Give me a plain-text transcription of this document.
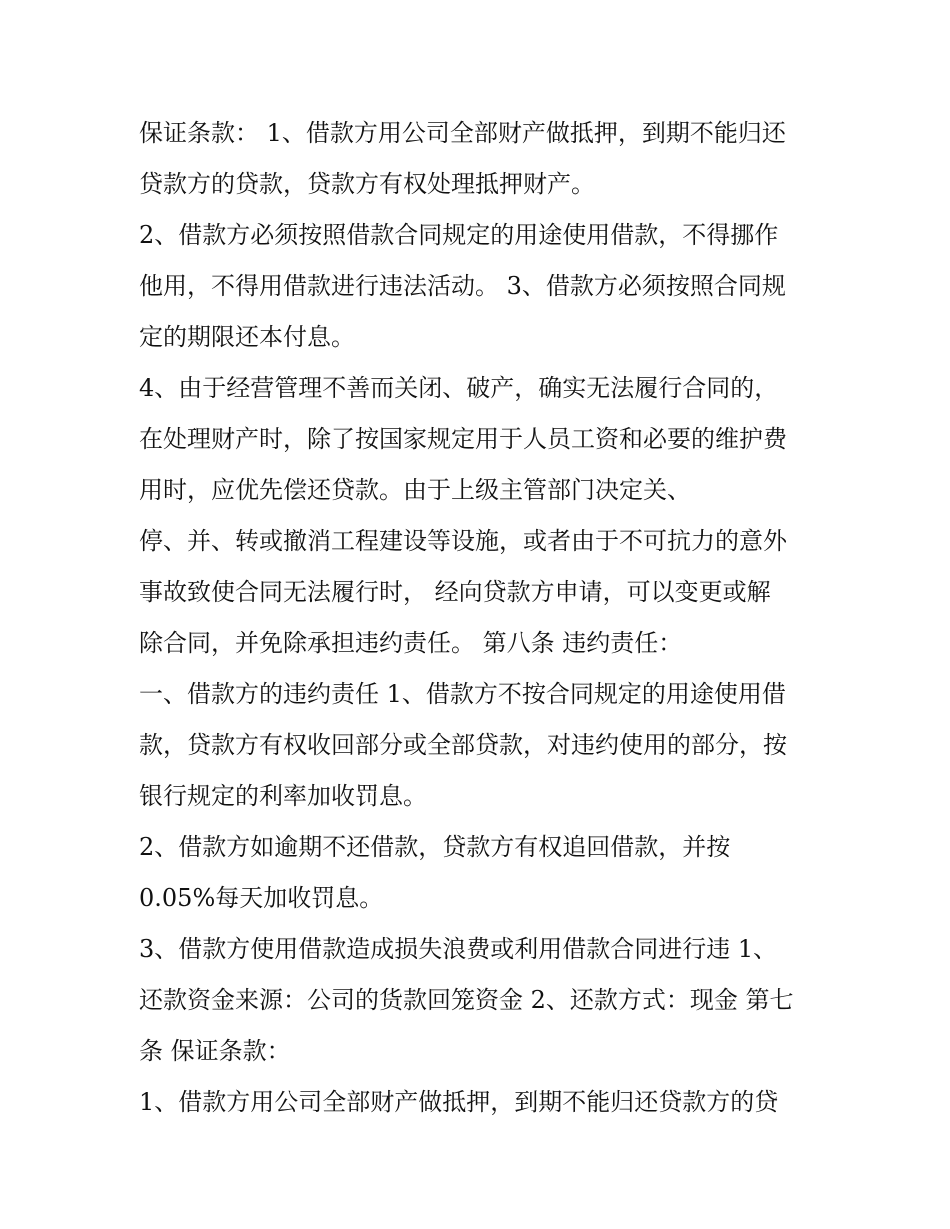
保证条款： 1、借款方用公司全部财产做抵押，到期不能归还
贷款方的贷款，贷款方有权处理抵押财产。
2、借款方必须按照借款合同规定的用途使用借款，不得挪作
他用，不得用借款进行违法活动。 3、借款方必须按照合同规
定的期限还本付息。
4、由于经营管理不善而关闭、破产，确实无法履行合同的，
在处理财产时，除了按国家规定用于人员工资和必要的维护费
用时，应优先偿还贷款。由于上级主管部门决定关、
停、并、转或撤消工程建设等设施，或者由于不可抗力的意外
事故致使合同无法履行时， 经向贷款方申请，可以变更或解
除合同，并免除承担违约责任。 第八条 违约责任：
一、借款方的违约责任 1、借款方不按合同规定的用途使用借
款，贷款方有权收回部分或全部贷款，对违约使用的部分，按
银行规定的利率加收罚息。
2、借款方如逾期不还借款，贷款方有权追回借款，并按
0.05%每天加收罚息。
3、借款方使用借款造成损失浪费或利用借款合同进行违 1、
还款资金来源：公司的货款回笼资金 2、还款方式：现金 第七
条 保证条款：
1、借款方用公司全部财产做抵押，到期不能归还贷款方的贷
